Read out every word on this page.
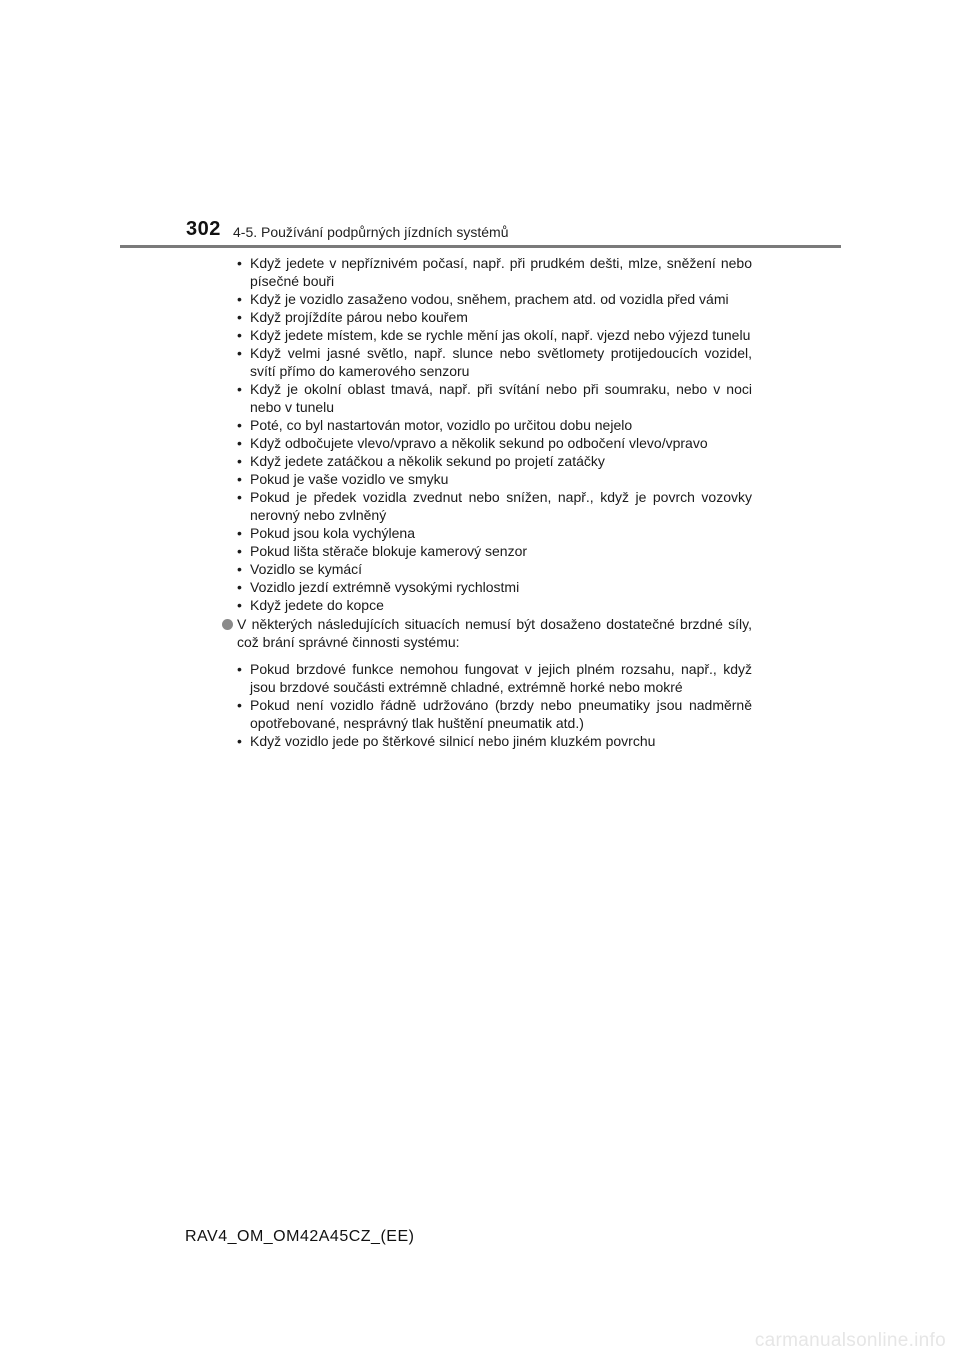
302 4-5. Používání podpůrných jízdních systémů
• Když jedete v nepříznivém počasí, např. při prudkém dešti, mlze, sněžení nebo písečné bouři
• Když je vozidlo zasaženo vodou, sněhem, prachem atd. od vozidla před vámi
• Když projíždíte párou nebo kouřem
• Když jedete místem, kde se rychle mění jas okolí, např. vjezd nebo výjezd tunelu
• Když velmi jasné světlo, např. slunce nebo světlomety protijedoucích vozidel, svítí přímo do kamerového senzoru
• Když je okolní oblast tmavá, např. při svítání nebo při soumraku, nebo v noci nebo v tunelu
• Poté, co byl nastartován motor, vozidlo po určitou dobu nejelo
• Když odbočujete vlevo/vpravo a několik sekund po odbočení vlevo/vpravo
• Když jedete zatáčkou a několik sekund po projetí zatáčky
• Pokud je vaše vozidlo ve smyku
• Pokud je předek vozidla zvednut nebo snížen, např., když je povrch vozovky nerovný nebo zvlněný
• Pokud jsou kola vychýlena
• Pokud lišta stěrače blokuje kamerový senzor
• Vozidlo se kymácí
• Vozidlo jezdí extrémně vysokými rychlostmi
• Když jedete do kopce
V některých následujících situacích nemusí být dosaženo dostatečné brzdné síly, což brání správné činnosti systému:
• Pokud brzdové funkce nemohou fungovat v jejich plném rozsahu, např., když jsou brzdové součásti extrémně chladné, extrémně horké nebo mokré
• Pokud není vozidlo řádně udržováno (brzdy nebo pneumatiky jsou nadměrně opotřebované, nesprávný tlak huštění pneumatik atd.)
• Když vozidlo jede po štěrkové silnicí nebo jiném kluzkém povrchu
RAV4_OM_OM42A45CZ_(EE)
carmanualsonline.info
